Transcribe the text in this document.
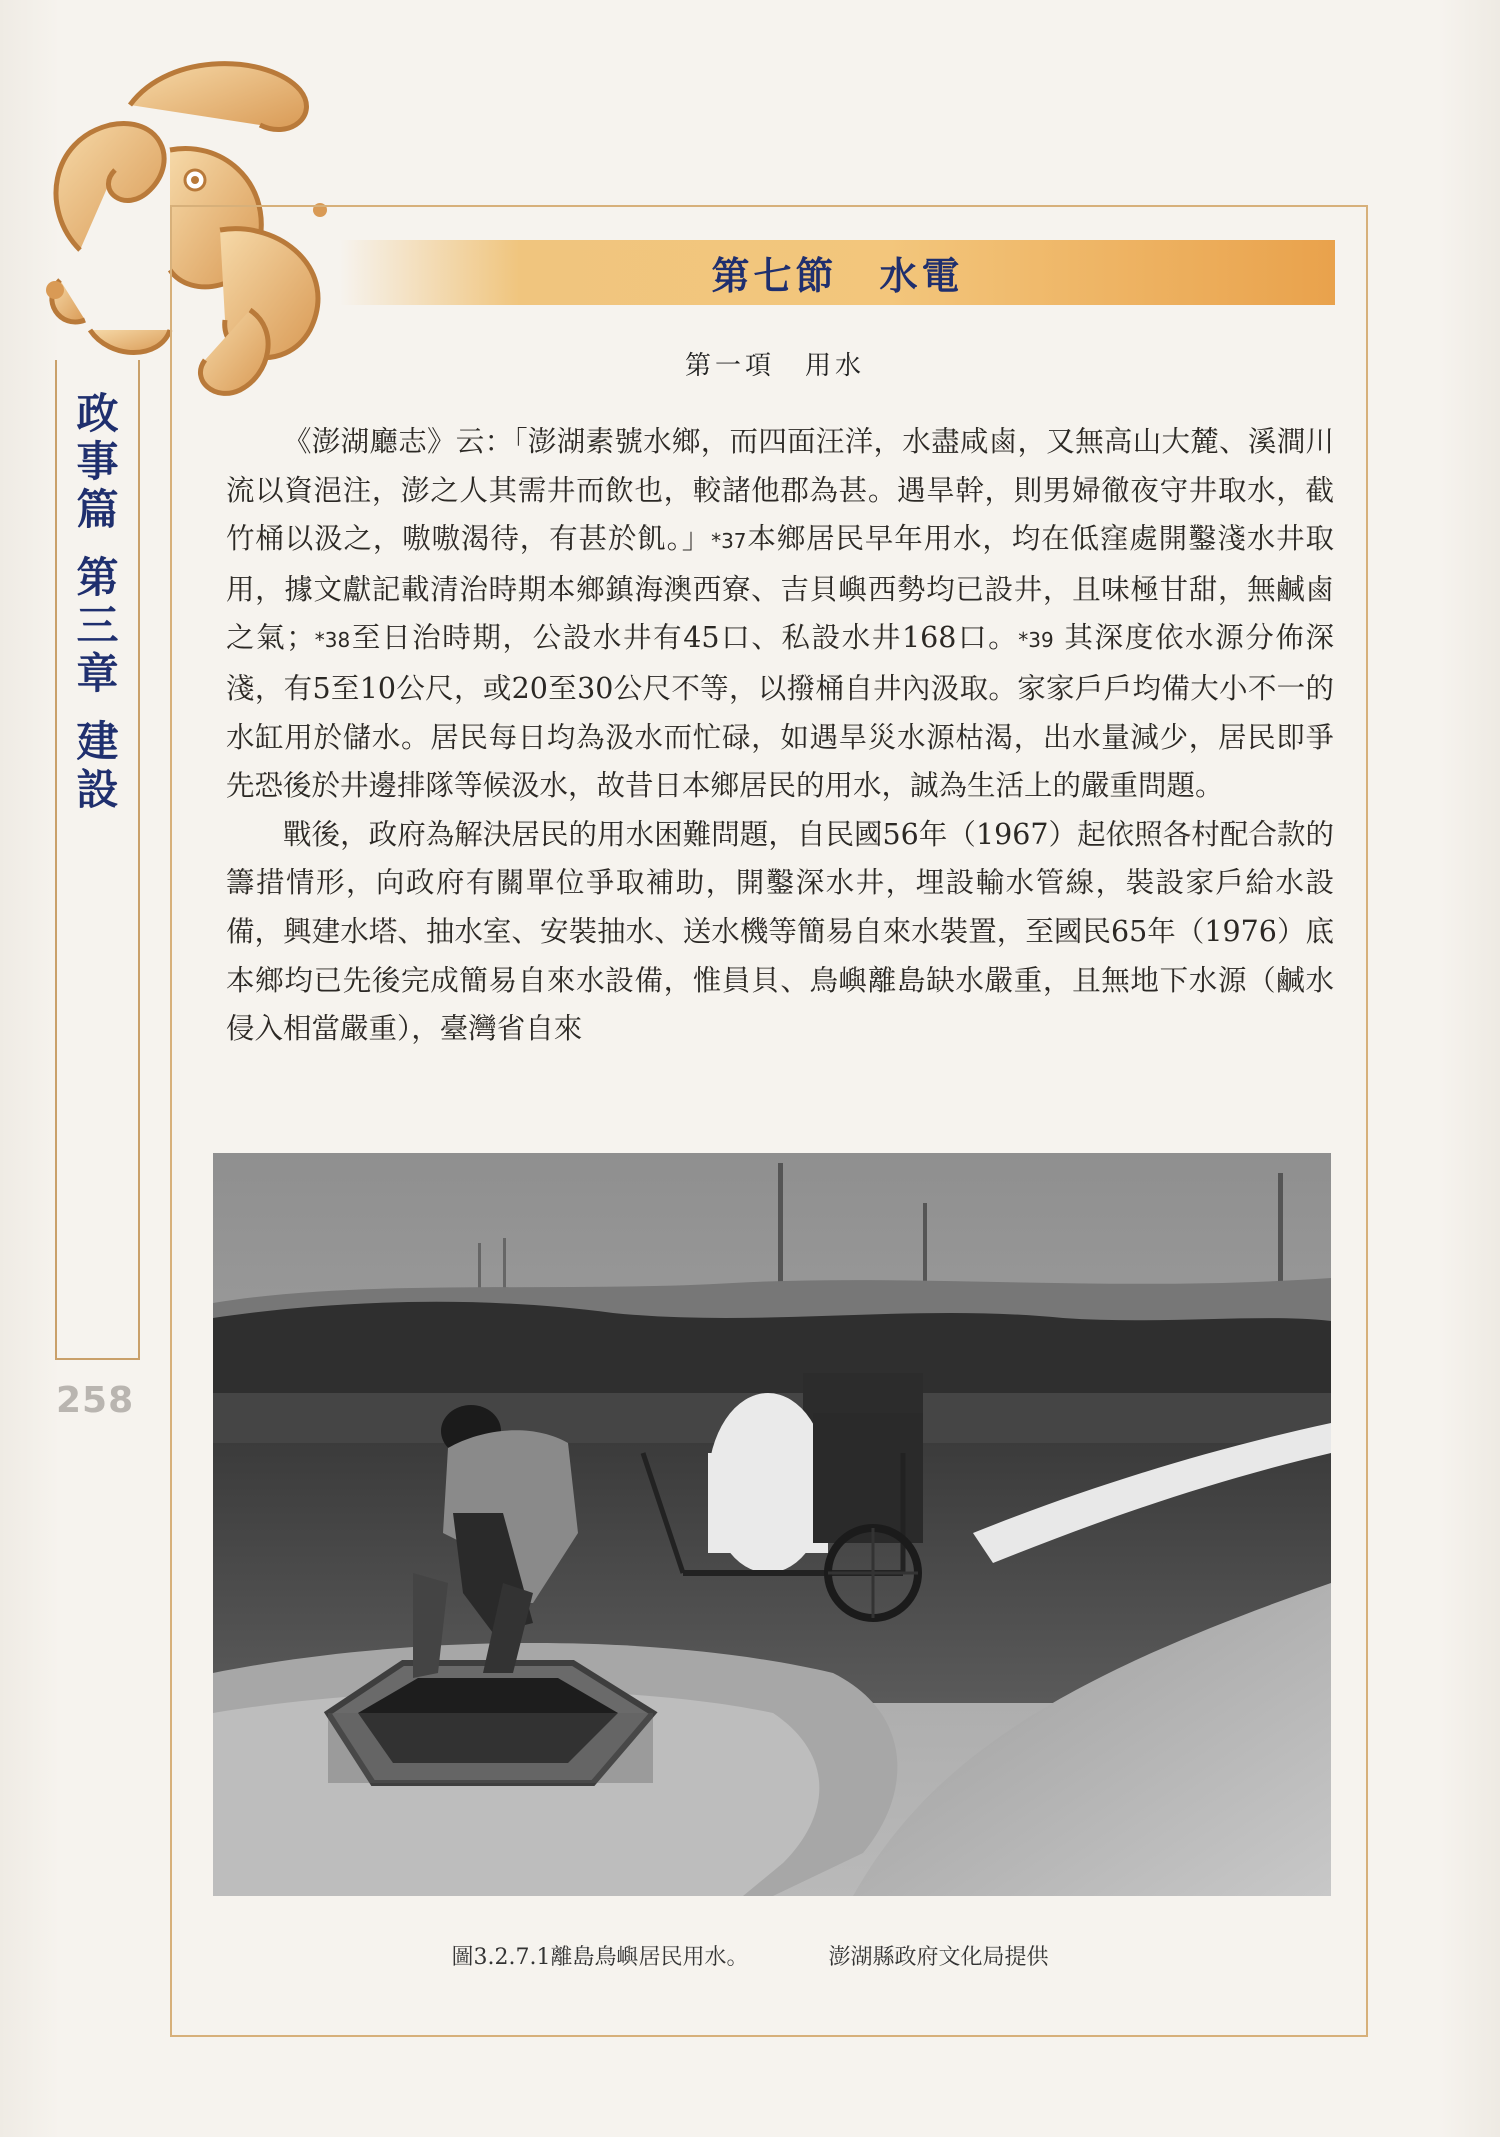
政
事
篇
第
三
章
建
設
258
第七節　水電
第一項　用水

《澎湖廳志》云：「澎湖素號水鄉，而四面汪洋，水盡咸鹵，又無高山大麓、溪澗川流以資浥注，澎之人其需井而飲也，較諸他郡為甚。遇旱幹，則男婦徹夜守井取水，截竹桶以汲之，嗷嗷渴待，有甚於飢。」*37本鄉居民早年用水，均在低窪處開鑿淺水井取用，據文獻記載清治時期本鄉鎮海澳西寮、吉貝嶼西勢均已設井，且味極甘甜，無鹹鹵之氣；*38至日治時期，公設水井有45口、私設水井168口。*39 其深度依水源分佈深淺，有5至10公尺，或20至30公尺不等，以撥桶自井內汲取。家家戶戶均備大小不一的水缸用於儲水。居民每日均為汲水而忙碌，如遇旱災水源枯渴，出水量減少，居民即爭先恐後於井邊排隊等候汲水，故昔日本鄉居民的用水，誠為生活上的嚴重問題。

戰後，政府為解決居民的用水困難問題，自民國56年（1967）起依照各村配合款的籌措情形，向政府有關單位爭取補助，開鑿深水井，埋設輸水管線，裝設家戶給水設備，興建水塔、抽水室、安裝抽水、送水機等簡易自來水裝置，至國民65年（1976）底本鄉均已先後完成簡易自來水設備，惟員貝、鳥嶼離島缺水嚴重，且無地下水源（鹹水侵入相當嚴重），臺灣省自來

圖3.2.7.1離島鳥嶼居民用水。	澎湖縣政府文化局提供
